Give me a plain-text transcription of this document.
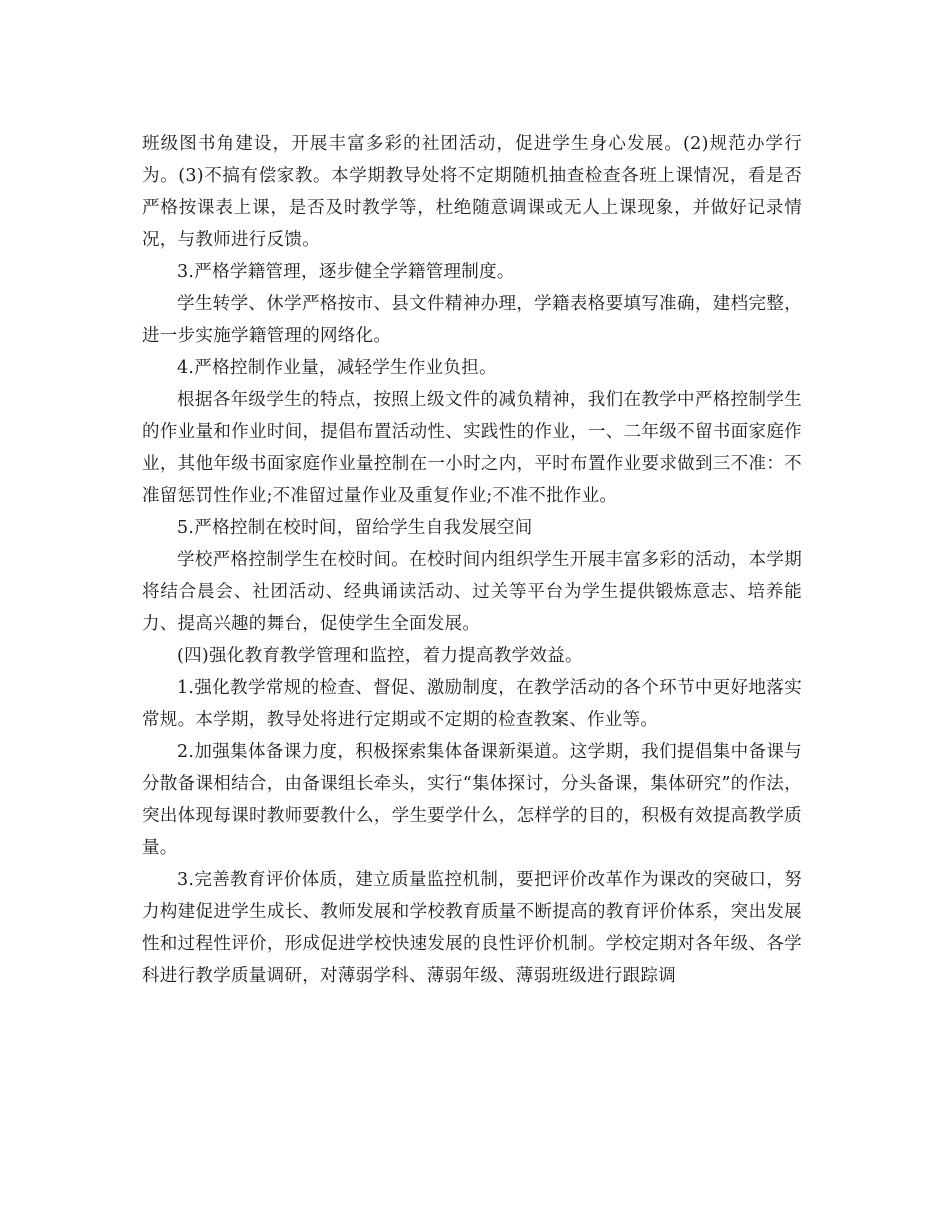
班级图书角建设，开展丰富多彩的社团活动，促进学生身心发展。(2)规范办学行为。(3)不搞有偿家教。本学期教导处将不定期随机抽查检查各班上课情况，看是否严格按课表上课，是否及时教学等，杜绝随意调课或无人上课现象，并做好记录情况，与教师进行反馈。

3.严格学籍管理，逐步健全学籍管理制度。

学生转学、休学严格按市、县文件精神办理，学籍表格要填写准确，建档完整，进一步实施学籍管理的网络化。

4.严格控制作业量，减轻学生作业负担。

根据各年级学生的特点，按照上级文件的减负精神，我们在教学中严格控制学生的作业量和作业时间，提倡布置活动性、实践性的作业，一、二年级不留书面家庭作业，其他年级书面家庭作业量控制在一小时之内，平时布置作业要求做到三不准：不准留惩罚性作业;不准留过量作业及重复作业;不准不批作业。

5.严格控制在校时间，留给学生自我发展空间

学校严格控制学生在校时间。在校时间内组织学生开展丰富多彩的活动，本学期将结合晨会、社团活动、经典诵读活动、过关等平台为学生提供锻炼意志、培养能力、提高兴趣的舞台，促使学生全面发展。

(四)强化教育教学管理和监控，着力提高教学效益。

1.强化教学常规的检查、督促、激励制度，在教学活动的各个环节中更好地落实常规。本学期，教导处将进行定期或不定期的检查教案、作业等。

2.加强集体备课力度，积极探索集体备课新渠道。这学期，我们提倡集中备课与分散备课相结合，由备课组长牵头，实行“集体探讨，分头备课，集体研究”的作法，突出体现每课时教师要教什么，学生要学什么，怎样学的目的，积极有效提高教学质量。

3.完善教育评价体质，建立质量监控机制，要把评价改革作为课改的突破口，努力构建促进学生成长、教师发展和学校教育质量不断提高的教育评价体系，突出发展性和过程性评价，形成促进学校快速发展的良性评价机制。学校定期对各年级、各学科进行教学质量调研，对薄弱学科、薄弱年级、薄弱班级进行跟踪调
